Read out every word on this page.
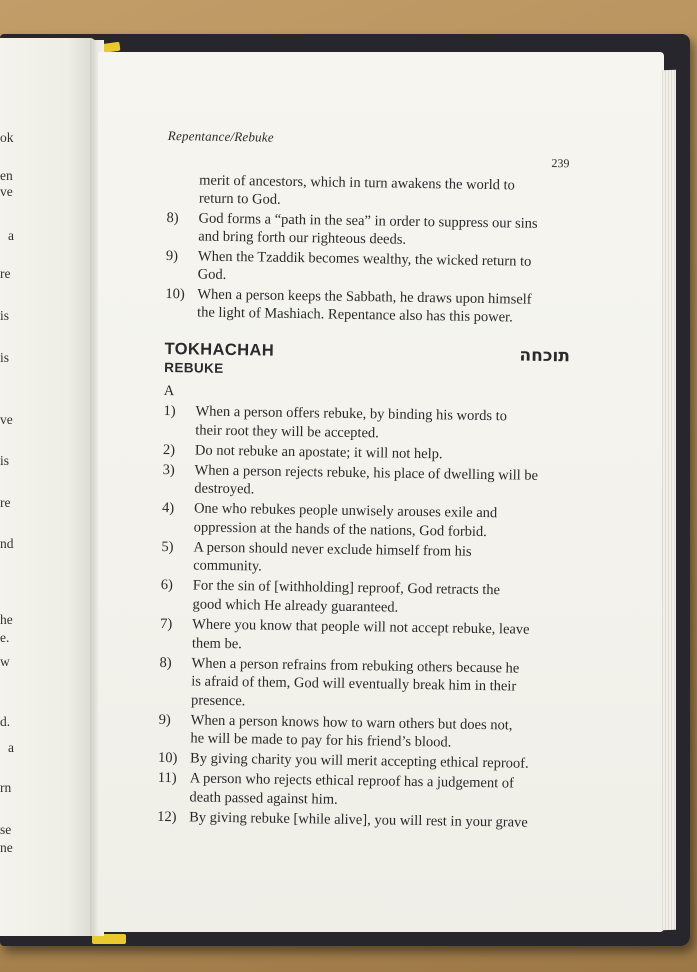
ok
en
ve
a
re
is
is
ve
is
re
nd
he
e.
w
d.
a
rn
se
ne
Repentance/Rebuke
239
merit of ancestors, which in turn awakens the world to
return to God.
8)	God forms a “path in the sea” in order to suppress our sins
and bring forth our righteous deeds.
9)	When the Tzaddik becomes wealthy, the wicked return to
God.
10) When a person keeps the Sabbath, he draws upon himself
the light of Mashiach. Repentance also has this power.
TOKHACHAH	תוכחה
REBUKE
A
1)	When a person offers rebuke, by binding his words to
their root they will be accepted.
2)	Do not rebuke an apostate; it will not help.
3)	When a person rejects rebuke, his place of dwelling will be
destroyed.
4)	One who rebukes people unwisely arouses exile and
oppression at the hands of the nations, God forbid.
5)	A person should never exclude himself from his
community.
6)	For the sin of [withholding] reproof, God retracts the
good which He already guaranteed.
7)	Where you know that people will not accept rebuke, leave
them be.
8)	When a person refrains from rebuking others because he
is afraid of them, God will eventually break him in their
presence.
9)	When a person knows how to warn others but does not,
he will be made to pay for his friend’s blood.
10) By giving charity you will merit accepting ethical reproof.
11) A person who rejects ethical reproof has a judgement of
death passed against him.
12) By giving rebuke [while alive], you will rest in your grave
